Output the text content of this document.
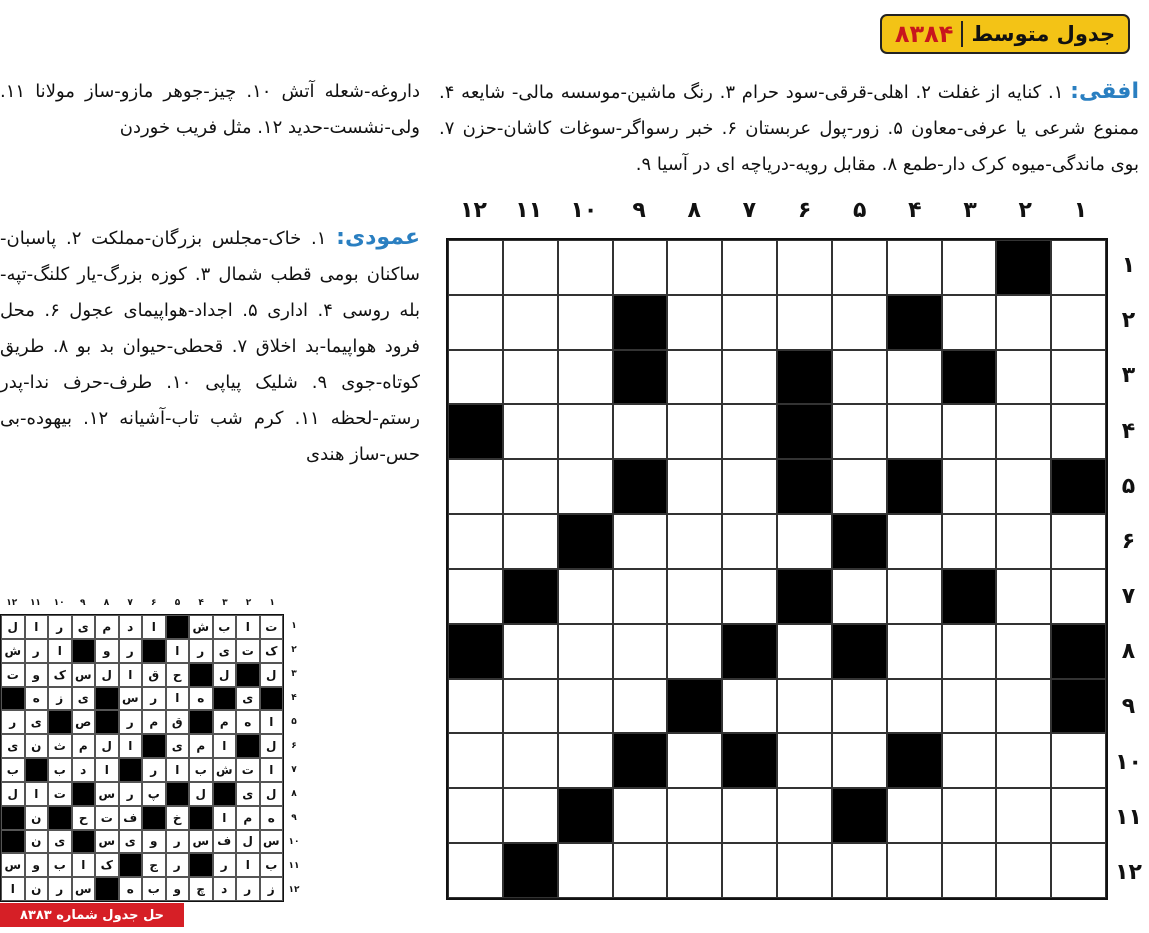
جدول متوسط
۸۳۸۴
افقی: ۱. کنایه از غفلت ۲. اهلی-قرقی-سود حرام ۳. رنگ ماشین-موسسه مالی- شایعه ۴. ممنوع شرعی یا عرفی-معاون ۵. زور-پول عربستان ۶. خبر رسواگر-سوغات کاشان-حزن ۷. بوی ماندگی-میوه کرک دار-طمع ۸. مقابل رویه-دریاچه ای در آسیا ۹.
داروغه-شعله آتش ۱۰. چیز-جوهر مازو-ساز مولانا ۱۱. ولی-نشست-حدید ۱۲. مثل فریب خوردن
عمودی: ۱. خاک-مجلس بزرگان-مملکت ۲. پاسبان-ساکنان بومی قطب شمال ۳. کوزه بزرگ-یار کلنگ-تپه-بله روسی ۴. اداری ۵. اجداد-هواپیمای عجول ۶. محل فرود هواپیما-بد اخلاق ۷. قحطی-حیوان بد بو ۸. طریق کوتاه-جوی ۹. شلیک پیاپی ۱۰. طرف-حرف ندا-پدر رستم-لحظه ۱۱. کرم شب تاب-آشیانه ۱۲. بیهوده-بی حس-ساز هندی
۱
۲
۳
۴
۵
۶
۷
۸
۹
۱۰
۱۱
۱۲
۱
۲
۳
۴
۵
۶
۷
۸
۹
۱۰
۱۱
۱۲
۱
۲
۳
۴
۵
۶
۷
۸
۹
۱۰
۱۱
۱۲
۱
۲
۳
۴
۵
۶
۷
۸
۹
۱۰
۱۱
۱۲
ت
ا
ب
ش
ا
د
م
ی
ر
ا
ل
ک
ت
ی
ر
ا
ر
و
ا
ر
ش
ل
ل
ح
ق
ا
ل
س
ک
و
ت
ی
ه
ا
ر
س
ی
ز
ه
ا
ه
م
ق
م
ر
ص
ی
ر
ل
ا
م
ی
ا
ل
م
ث
ن
ی
ا
ت
ش
ب
ا
ر
ا
د
ب
ب
ل
ی
ل
پ
ر
س
ت
ا
ل
ه
م
ا
خ
ف
ت
ح
ن
س
ل
ف
س
ر
و
ی
س
ی
ن
ب
ا
ر
ر
ج
ک
ا
ب
و
س
ز
ر
د
چ
و
ب
ه
س
ر
ن
ا
حل جدول شماره ۸۳۸۳
